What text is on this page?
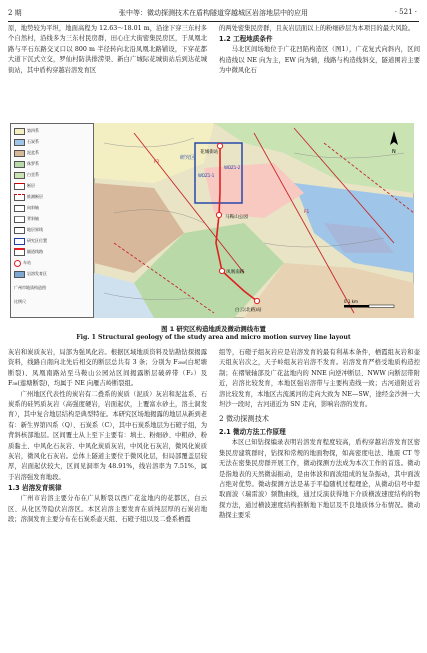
2 期	张中等：微动探测技术在盾构隧道穿越城区岩溶地层中的应用	· 521 ·

原，地势较为平坦，地面高程为 12.63～18.01 m，沿途下穿三东村多个自然村，沿线多为三东村民房群，田心庄大街密集民房区，于凤凰北路与平石东路交叉口以 800 m 半径转向北沿凤凰北路铺设，下穿花都大道下沉式立交，罗仙村防洪排涝渠、新白广城际花城街站后到达花城街站，其中盾构穿越岩溶发育区

的两处密集民房群，且灰岩层面以上的粉细砂层为本项目的最大风险。

1.2 工程地质条件

马北区间场地位于广花凹陷构造区（图1），广花复式向斜内，区间构造线以 NE 向为主，EW 向为辅，线路与构造线斜交，隧道围岩主要为中微风化石

第四系
石炭系
泥盆系
侏罗系
白垩系
断层
推测断层
向斜轴
背斜轴
地层界线
研究区位置
隧道线路
车站
岩溶发育区
广州市地质构造图
比例尺
研究区
花城街站
马鞍山公园
凤凰南路
白云(北路)站
WDZ1-1
WDZ1-2
F2
F1
N
0 1 km
图 1 研究区构造地质及微动测线布置
Fig. 1 Structural geology of the study area and micro motion survey line layout

灰岩和炭质灰岩，局部为强风化岩。根据区域地质资料及钻勘钻探揭露资料，线路自南向北先后相交的断层总共有 3 条；分别为 F₂₈₀(白坭塘断裂)、凤凰南路站至马鞍山公园站区间揭露断层破碎带（F₂）及 F₃₈(莲塘断裂)，均属于 NE 向雁吉岭断裂组。

广州地区代表性的炭岩有二叠系的炭质（泥质）灰岩和泥盆系、石炭系的硅钙质灰岩（高强度硬岩，岩面起伏，上覆富水砂土，溶土洞发育），其中复合地层结构是典型特征。本研究区场地揭露的地层从新到老有：新生界第四系（Q）、石炭系（C），其中石炭系地层为石磴子组，为背斜核部地层。区间覆土从上至下主要有：填土、粉细砂、中粗砂、粉质黏土、中风化石灰岩、中风化炭质灰岩，中风化石灰岩，微风化炭质灰岩，微风化石灰岩。总体上隧道主要位于微风化层，但局部覆盖层较厚，岩面起伏较大，区间见洞率为 48.91%，线岩溶率为 7.51%，属于岩溶强发育地段。

1.3 岩溶发育规律

广州市岩溶主要分布在广从断裂以西广花盆地内的花都区，白云区、从化区等隐伏岩溶区。本区岩溶主要发育在质纯层厚的石炭岩地段；溶洞发育主要分布在石炭系壶天组、石磴子组以及二叠系栖霞

组等，石磴子组灰岩应是岩溶发育的最有利基本条件，栖霞组灰岩和壶天组灰岩次之，天子岭组灰岩岩溶不发育。岩溶发育严格受地质构造控制；在褶皱轴部及广花盆地内的 NNE 向逆冲断层、NWW 向断层带附近，岩溶比较发育，本地区强岩溶带与主要构造线一致；古河道附近岩溶比较发育，本地区古流溪河的走向大致为 NE—SW，途经金沙洲一大坦沙一段时，古河道近为 SN 走向，影响岩溶的发育。

2 微动探测技术
2.1 微动方法工作原理

本区已知钻探编录表明岩溶发育程度较高，盾构穿越岩溶发育区密集民房建筑群时，钻探和常规的地面物探，如高密度电法、地震 CT 等无法在密集民房群开展工作，微动探测方法成为本次工作的首选。微动是指地表的天然微弱振动，是由体波和面波组成的复杂振动，其中面波占绝对优势。微动探测方法是基于平稳随机过程理论，从微动信号中提取面波（瑞雷波）频散曲线，通过反演获得地下介质横波速度结构的物探方法，通过横波速度结构推断地下地层及不良地质体分布情况。微动勘探主要采
